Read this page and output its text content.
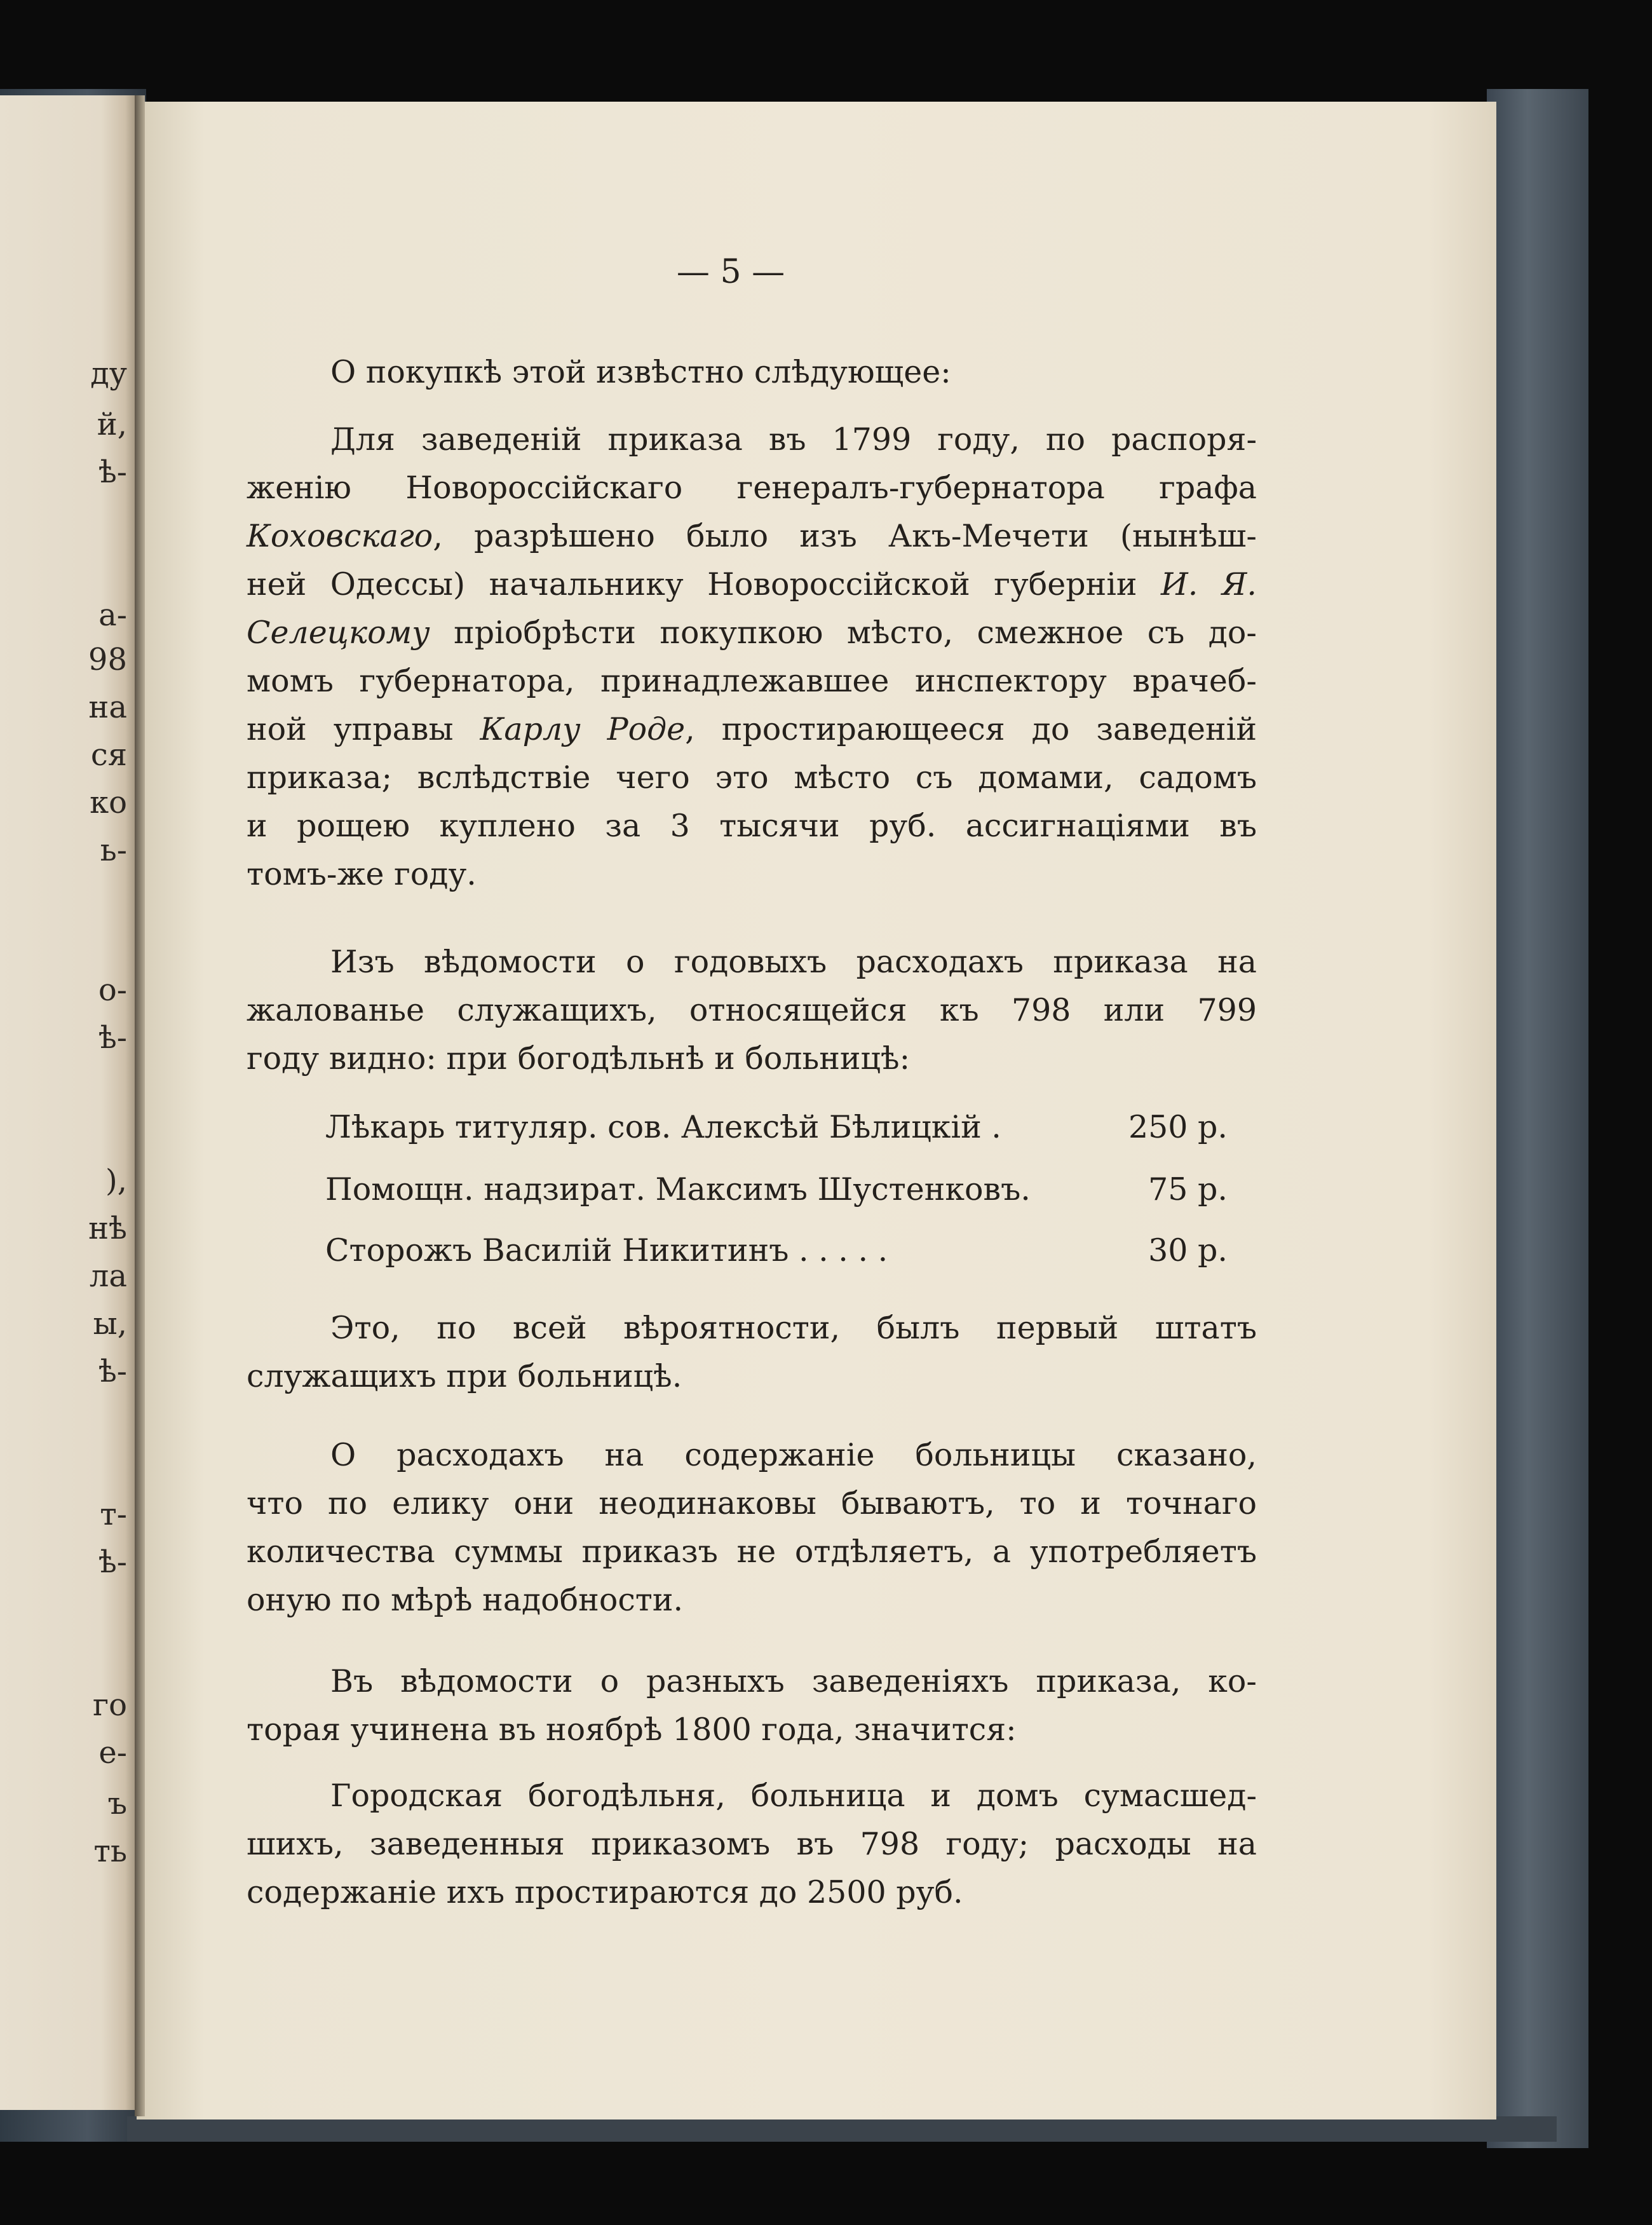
ду
й,
ѣ-
а-
98
на
ся
ко
ь-
о-
ѣ-
),
нѣ
ла
ы,
ѣ-
т-
ѣ-
го
е-
ъ
ть
— 5 —
О покупкѣ этой извѣстно слѣдующее:
Для заведеній приказа въ 1799 году, по распоря-
женію Новороссійскаго генералъ-губернатора графа
Коховскаго, разрѣшено было изъ Акъ-Мечети (нынѣш-
ней Одессы) начальнику Новороссійской губерніи И. Я.
Селецкому пріобрѣсти покупкою мѣсто, смежное съ до-
момъ губернатора, принадлежавшее инспектору врачеб-
ной управы Карлу Роде, простирающееся до заведеній
приказа; вслѣдствіе чего это мѣсто съ домами, садомъ
и рощею куплено за 3 тысячи руб. ассигнаціями въ
томъ-же году.
Изъ вѣдомости о годовыхъ расходахъ приказа на
жалованье служащихъ, относящейся къ 798 или 799
году видно: при богодѣльнѣ и больницѣ:
Лѣкарь титуляр. сов. Алексѣй Бѣлицкій .	250 р.
Помощн. надзират. Максимъ Шустенковъ.	75 р.
Сторожъ Василій Никитинъ . . . . .	30 р.
Это, по всей вѣроятности, былъ первый штатъ
служащихъ при больницѣ.
О расходахъ на содержаніе больницы сказано,
что по елику они неодинаковы бываютъ, то и точнаго
количества суммы приказъ не отдѣляетъ, а употребляетъ
оную по мѣрѣ надобности.
Въ вѣдомости о разныхъ заведеніяхъ приказа, ко-
торая учинена въ ноябрѣ 1800 года, значится:
Городская богодѣльня, больница и домъ сумасшед-
шихъ, заведенныя приказомъ въ 798 году; расходы на
содержаніе ихъ простираются до 2500 руб.
